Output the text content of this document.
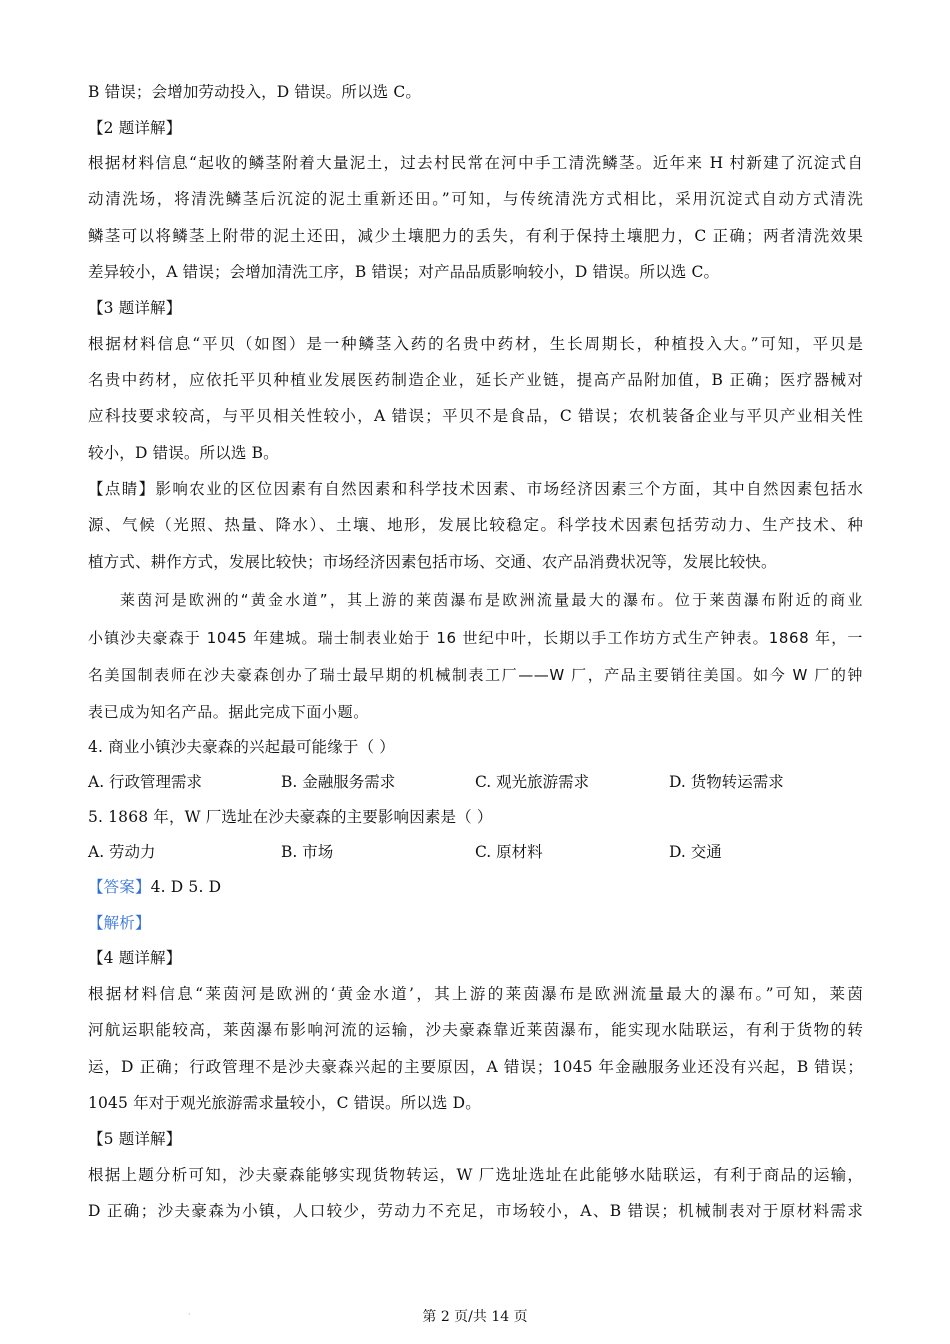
B 错误；会增加劳动投入，D 错误。所以选 C。
【2 题详解】
根据材料信息“起收的鳞茎附着大量泥土，过去村民常在河中手工清洗鳞茎。近年来 H 村新建了沉淀式自
动清洗场，将清洗鳞茎后沉淀的泥土重新还田。”可知，与传统清洗方式相比，采用沉淀式自动方式清洗
鳞茎可以将鳞茎上附带的泥土还田，减少土壤肥力的丢失，有利于保持土壤肥力，C 正确；两者清洗效果
差异较小，A 错误；会增加清洗工序，B 错误；对产品品质影响较小，D 错误。所以选 C。
【3 题详解】
根据材料信息“平贝（如图）是一种鳞茎入药的名贵中药材，生长周期长，种植投入大。”可知，平贝是
名贵中药材，应依托平贝种植业发展医药制造企业，延长产业链，提高产品附加值，B 正确；医疗器械对
应科技要求较高，与平贝相关性较小，A 错误；平贝不是食品，C 错误；农机装备企业与平贝产业相关性
较小，D 错误。所以选 B。
【点睛】影响农业的区位因素有自然因素和科学技术因素、市场经济因素三个方面，其中自然因素包括水
源、气候（光照、热量、降水）、土壤、地形，发展比较稳定。科学技术因素包括劳动力、生产技术、种
植方式、耕作方式，发展比较快；市场经济因素包括市场、交通、农产品消费状况等，发展比较快。
莱茵河是欧洲的“黄金水道”，其上游的莱茵瀑布是欧洲流量最大的瀑布。位于莱茵瀑布附近的商业
小镇沙夫豪森于 1045 年建城。瑞士制表业始于 16 世纪中叶，长期以手工作坊方式生产钟表。1868 年，一
名美国制表师在沙夫豪森创办了瑞士最早期的机械制表工厂——W 厂，产品主要销往美国。如今 W 厂的钟
表已成为知名产品。据此完成下面小题。
4. 商业小镇沙夫豪森的兴起最可能缘于（ ）
A. 行政管理需求	B. 金融服务需求	C. 观光旅游需求	D. 货物转运需求
5. 1868 年，W 厂选址在沙夫豪森的主要影响因素是（ ）
A. 劳动力	B. 市场	C. 原材料	D. 交通
【答案】4. D 5. D
【解析】
【4 题详解】
根据材料信息“莱茵河是欧洲的‘黄金水道’，其上游的莱茵瀑布是欧洲流量最大的瀑布。”可知，莱茵
河航运职能较高，莱茵瀑布影响河流的运输，沙夫豪森靠近莱茵瀑布，能实现水陆联运，有利于货物的转
运，D 正确；行政管理不是沙夫豪森兴起的主要原因，A 错误；1045 年金融服务业还没有兴起，B 错误；
1045 年对于观光旅游需求量较小，C 错误。所以选 D。
【5 题详解】
根据上题分析可知，沙夫豪森能够实现货物转运，W 厂选址选址在此能够水陆联运，有利于商品的运输，
D 正确；沙夫豪森为小镇，人口较少，劳动力不充足，市场较小，A、B 错误；机械制表对于原材料需求
·	第 2 页/共 14 页
